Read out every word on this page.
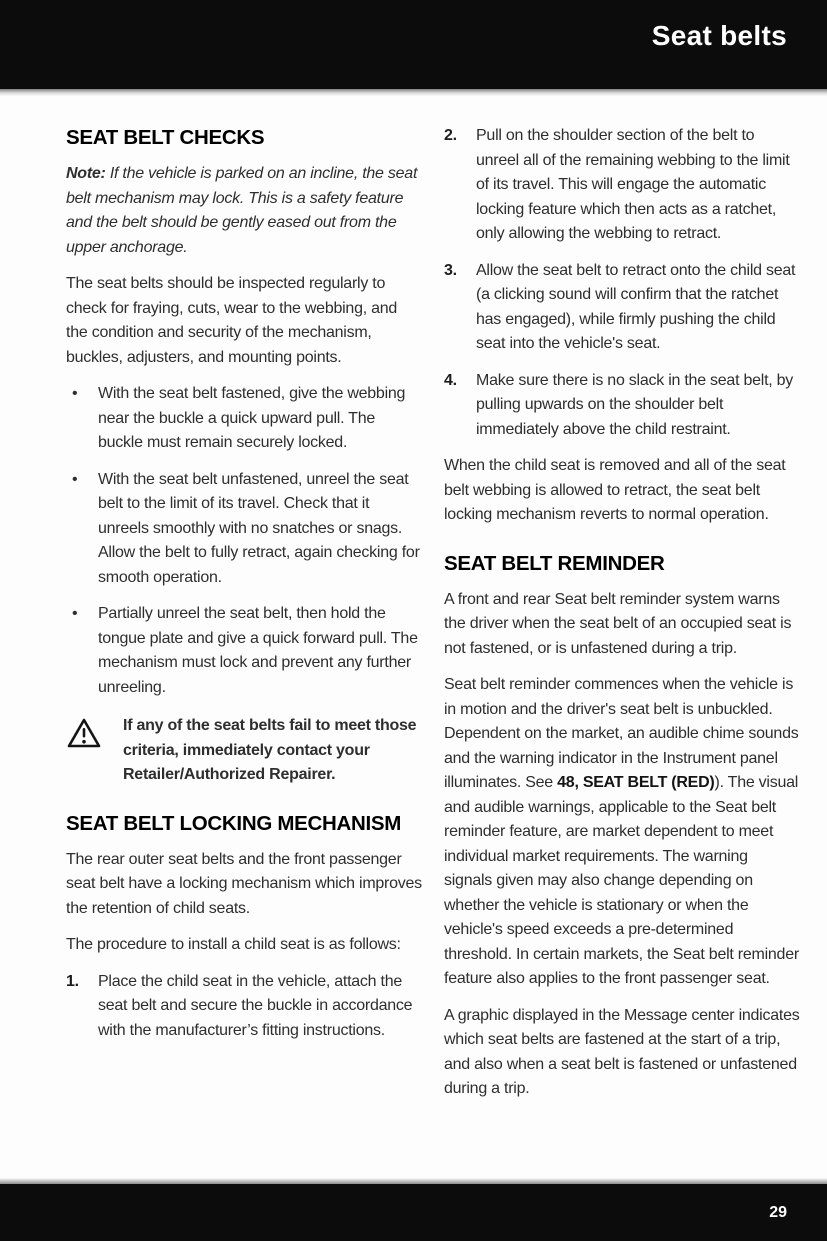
Seat belts
SEAT BELT CHECKS

Note: If the vehicle is parked on an incline, the seat belt mechanism may lock. This is a safety feature and the belt should be gently eased out from the upper anchorage.

The seat belts should be inspected regularly to check for fraying, cuts, wear to the webbing, and the condition and security of the mechanism, buckles, adjusters, and mounting points.

•	With the seat belt fastened, give the webbing near the buckle a quick upward pull. The buckle must remain securely locked.
•	With the seat belt unfastened, unreel the seat belt to the limit of its travel. Check that it unreels smoothly with no snatches or snags. Allow the belt to fully retract, again checking for smooth operation.
•	Partially unreel the seat belt, then hold the tongue plate and give a quick forward pull. The mechanism must lock and prevent any further unreeling.

If any of the seat belts fail to meet those criteria, immediately contact your Retailer/Authorized Repairer.

SEAT BELT LOCKING MECHANISM

The rear outer seat belts and the front passenger seat belt have a locking mechanism which improves the retention of child seats.

The procedure to install a child seat is as follows:

1.	Place the child seat in the vehicle, attach the seat belt and secure the buckle in accordance with the manufacturer’s fitting instructions.
2.	Pull on the shoulder section of the belt to unreel all of the remaining webbing to the limit of its travel. This will engage the automatic locking feature which then acts as a ratchet, only allowing the webbing to retract.
3.	Allow the seat belt to retract onto the child seat (a clicking sound will confirm that the ratchet has engaged), while firmly pushing the child seat into the vehicle's seat.
4.	Make sure there is no slack in the seat belt, by pulling upwards on the shoulder belt immediately above the child restraint.

When the child seat is removed and all of the seat belt webbing is allowed to retract, the seat belt locking mechanism reverts to normal operation.

SEAT BELT REMINDER

A front and rear Seat belt reminder system warns the driver when the seat belt of an occupied seat is not fastened, or is unfastened during a trip.

Seat belt reminder commences when the vehicle is in motion and the driver's seat belt is unbuckled. Dependent on the market, an audible chime sounds and the warning indicator in the Instrument panel illuminates. See 48, SEAT BELT (RED)). The visual and audible warnings, applicable to the Seat belt reminder feature, are market dependent to meet individual market requirements. The warning signals given may also change depending on whether the vehicle is stationary or when the vehicle's speed exceeds a pre-determined threshold. In certain markets, the Seat belt reminder feature also applies to the front passenger seat.

A graphic displayed in the Message center indicates which seat belts are fastened at the start of a trip, and also when a seat belt is fastened or unfastened during a trip.

29
